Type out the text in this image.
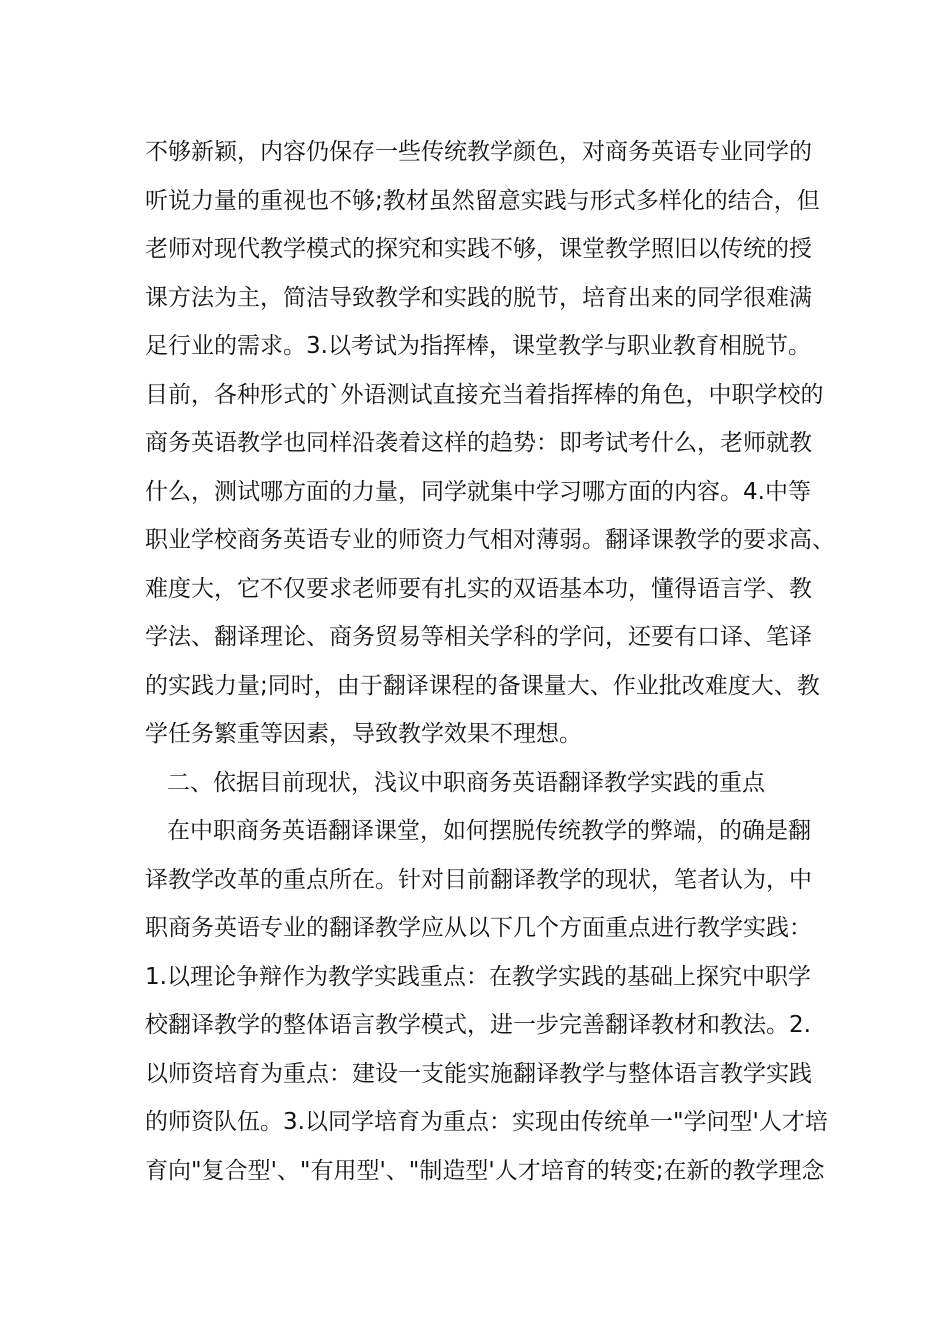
不够新颖，内容仍保存一些传统教学颜色，对商务英语专业同学的
听说力量的重视也不够;教材虽然留意实践与形式多样化的结合，但
老师对现代教学模式的探究和实践不够，课堂教学照旧以传统的授
课方法为主，简洁导致教学和实践的脱节，培育出来的同学很难满
足行业的需求。3.以考试为指挥棒，课堂教学与职业教育相脱节。
目前，各种形式的`外语测试直接充当着指挥棒的角色，中职学校的
商务英语教学也同样沿袭着这样的趋势：即考试考什么，老师就教
什么，测试哪方面的力量，同学就集中学习哪方面的内容。4.中等
职业学校商务英语专业的师资力气相对薄弱。翻译课教学的要求高、
难度大，它不仅要求老师要有扎实的双语基本功，懂得语言学、教
学法、翻译理论、商务贸易等相关学科的学问，还要有口译、笔译
的实践力量;同时，由于翻译课程的备课量大、作业批改难度大、教
学任务繁重等因素，导致教学效果不理想。
二、依据目前现状，浅议中职商务英语翻译教学实践的重点
在中职商务英语翻译课堂，如何摆脱传统教学的弊端，的确是翻
译教学改革的重点所在。针对目前翻译教学的现状，笔者认为，中
职商务英语专业的翻译教学应从以下几个方面重点进行教学实践：
1.以理论争辩作为教学实践重点：在教学实践的基础上探究中职学
校翻译教学的整体语言教学模式，进一步完善翻译教材和教法。2.
以师资培育为重点：建设一支能实施翻译教学与整体语言教学实践
的师资队伍。3.以同学培育为重点：实现由传统单一"学问型'人才培
育向"复合型'、"有用型'、"制造型'人才培育的转变;在新的教学理念
